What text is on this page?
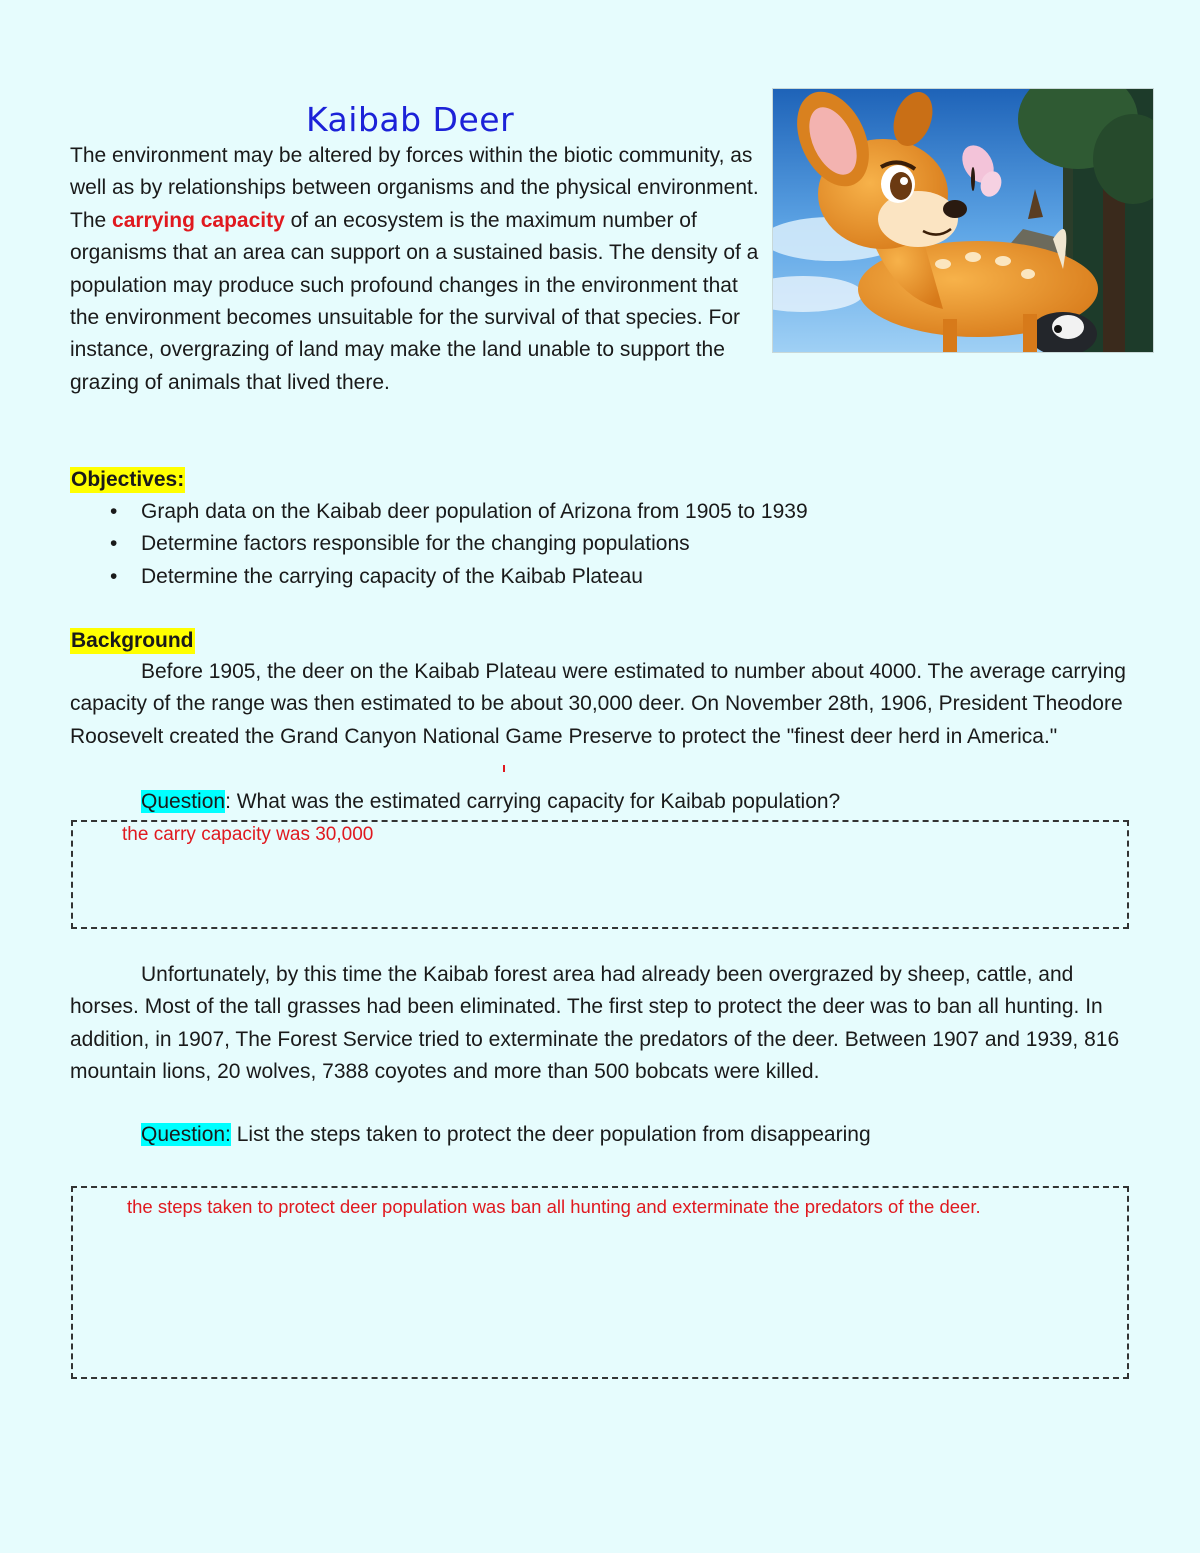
Kaibab Deer

The environment may be altered by forces within the biotic community, as well as by relationships between organisms and the physical environment. The carrying capacity of an ecosystem is the maximum number of organisms that an area can support on a sustained basis. The density of a population may produce such profound changes in the environment that the environment becomes unsuitable for the survival of that species. For instance, overgrazing of land may make the land unable to support the grazing of animals that lived there.

Objectives:
• Graph data on the Kaibab deer population of Arizona from 1905 to 1939
• Determine factors responsible for the changing populations
• Determine the carrying capacity of the Kaibab Plateau
Background

Before 1905, the deer on the Kaibab Plateau were estimated to number about 4000. The average carrying capacity of the range was then estimated to be about 30,000 deer. On November 28th, 1906, President Theodore Roosevelt created the Grand Canyon National Game Preserve to protect the "finest deer herd in America."

Question: What was the estimated carrying capacity for Kaibab population?

the carry capacity was 30,000

Unfortunately, by this time the Kaibab forest area had already been overgrazed by sheep, cattle, and horses. Most of the tall grasses had been eliminated. The first step to protect the deer was to ban all hunting. In addition, in 1907, The Forest Service tried to exterminate the predators of the deer. Between 1907 and 1939, 816 mountain lions, 20 wolves, 7388 coyotes and more than 500 bobcats were killed.

Question: List the steps taken to protect the deer population from disappearing

the steps taken to protect deer population was ban all hunting and exterminate the predators of the deer.
